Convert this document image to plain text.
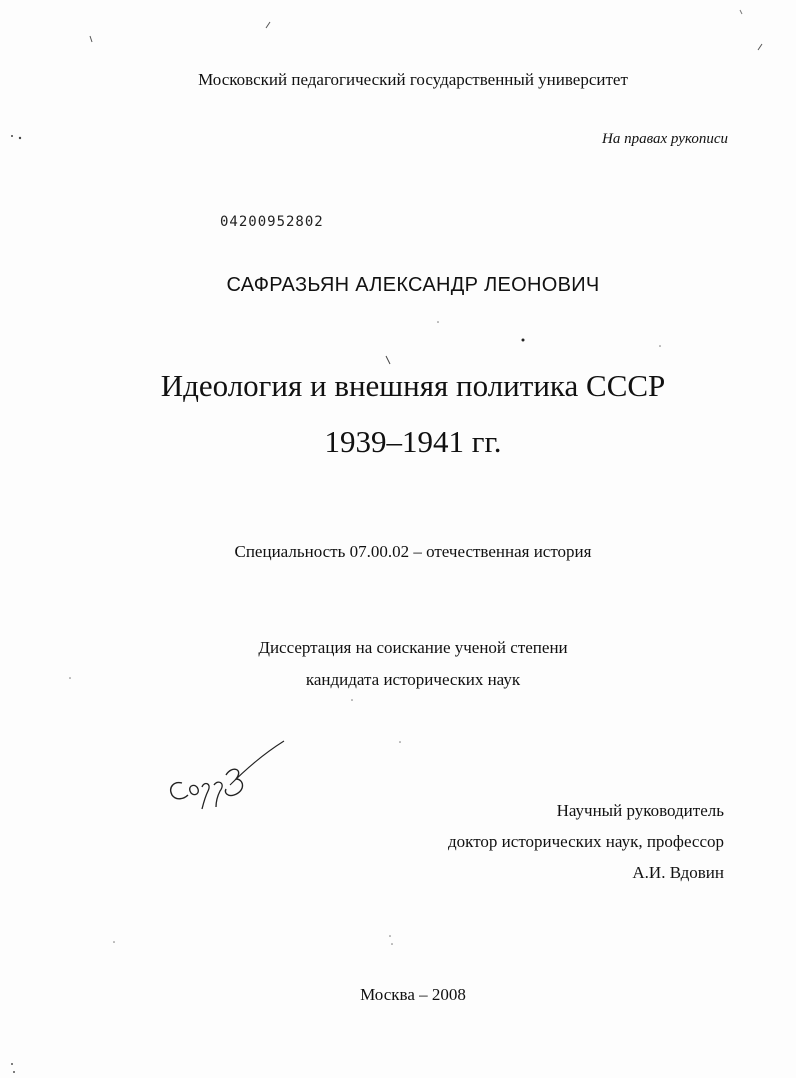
Московский педагогический государственный университет
На правах рукописи
04200952802
САФРАЗЬЯН АЛЕКСАНДР ЛЕОНОВИЧ
Идеология и внешняя политика СССР
1939–1941 гг.
Специальность 07.00.02 – отечественная история
Диссертация на соискание ученой степени
кандидата исторических наук
Научный руководитель
доктор исторических наук, профессор
А.И. Вдовин
Москва – 2008
